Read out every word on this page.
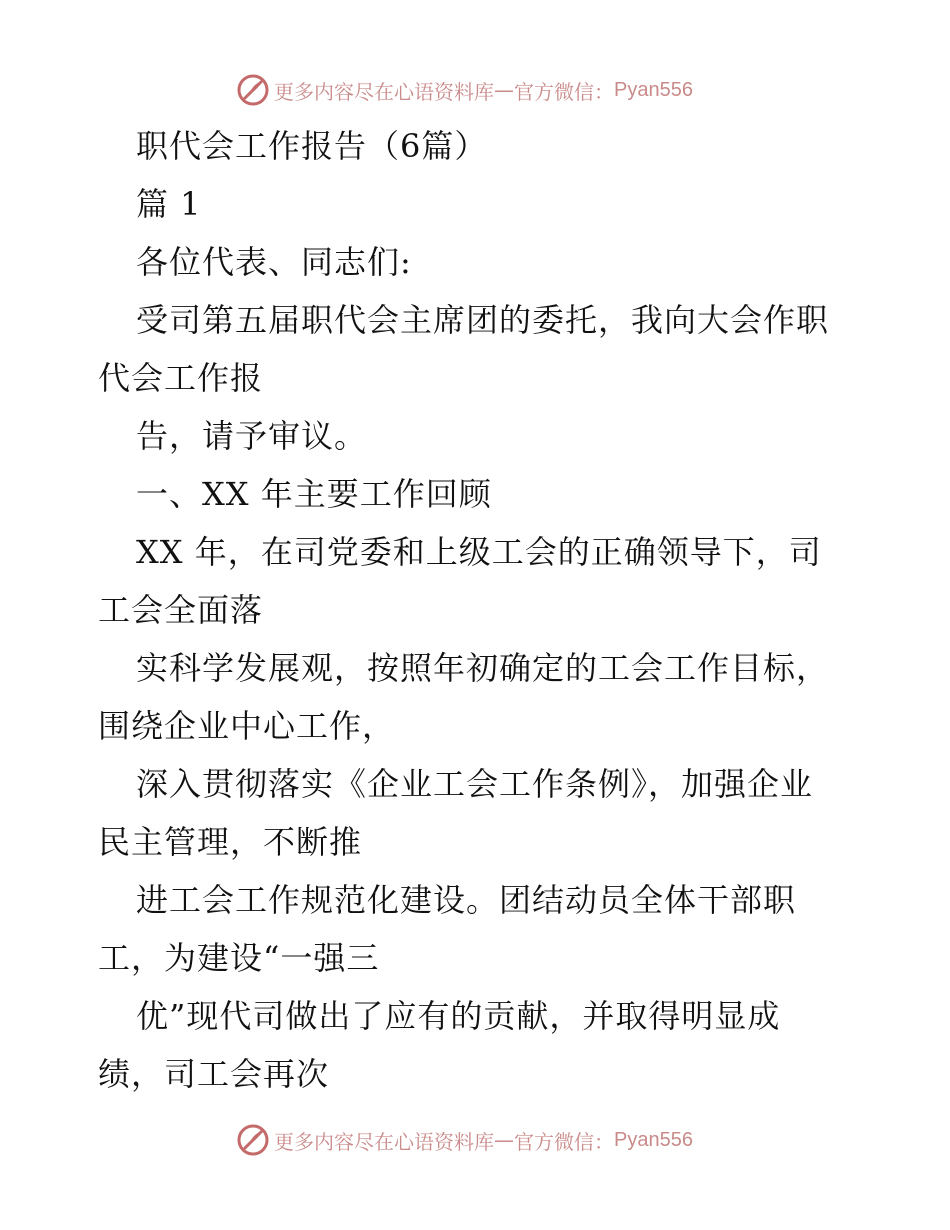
更多内容尽在心语资料库 — 官方微信： Pyan556
职代会工作报告（6篇）
篇 1
各位代表、同志们:
受司第五届职代会主席团的委托，我向大会作职
代会工作报
告，请予审议。
一、XX 年主要工作回顾
XX 年，在司党委和上级工会的正确领导下，司
工会全面落
实科学发展观，按照年初确定的工会工作目标，
围绕企业中心工作，
深入贯彻落实《企业工会工作条例》，加强企业
民主管理，不断推
进工会工作规范化建设。团结动员全体干部职
工，为建设“一强三
优”现代司做出了应有的贡献，并取得明显成
绩，司工会再次
更多内容尽在心语资料库 — 官方微信： Pyan556
